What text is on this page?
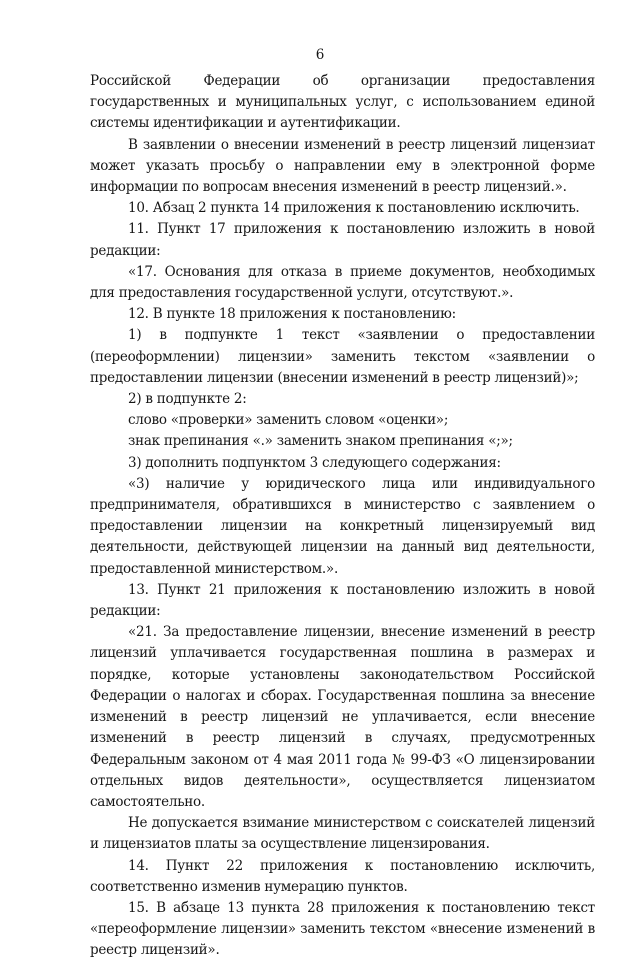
6

Российской Федерации об организации предоставления государственных и муниципальных услуг, с использованием единой системы идентификации и аутентификации.

В заявлении о внесении изменений в реестр лицензий лицензиат может указать просьбу о направлении ему в электронной форме информации по вопросам внесения изменений в реестр лицензий.».

10. Абзац 2 пункта 14 приложения к постановлению исключить.

11. Пункт 17 приложения к постановлению изложить в новой редакции:

«17. Основания для отказа в приеме документов, необходимых для предоставления государственной услуги, отсутствуют.».

12. В пункте 18 приложения к постановлению:

1) в подпункте 1 текст «заявлении о предоставлении (переоформлении) лицензии» заменить текстом «заявлении о предоставлении лицензии (внесении изменений в реестр лицензий)»;

2) в подпункте 2:

слово «проверки» заменить словом «оценки»;

знак препинания «.» заменить знаком препинания «;»;

3) дополнить подпунктом 3 следующего содержания:

«3) наличие у юридического лица или индивидуального предпринимателя, обратившихся в министерство с заявлением о предоставлении лицензии на конкретный лицензируемый вид деятельности, действующей лицензии на данный вид деятельности, предоставленной министерством.».

13. Пункт 21 приложения к постановлению изложить в новой редакции:

«21. За предоставление лицензии, внесение изменений в реестр лицензий уплачивается государственная пошлина в размерах и порядке, которые установлены законодательством Российской Федерации о налогах и сборах. Государственная пошлина за внесение изменений в реестр лицензий не уплачивается, если внесение изменений в реестр лицензий в случаях, предусмотренных Федеральным законом от 4 мая 2011 года № 99-ФЗ «О лицензировании отдельных видов деятельности», осуществляется лицензиатом самостоятельно.

Не допускается взимание министерством с соискателей лицензий и лицензиатов платы за осуществление лицензирования.

14. Пункт 22 приложения к постановлению исключить, соответственно изменив нумерацию пунктов.

15. В абзаце 13 пункта 28 приложения к постановлению текст «переоформление лицензии» заменить текстом «внесение изменений в реестр лицензий».
